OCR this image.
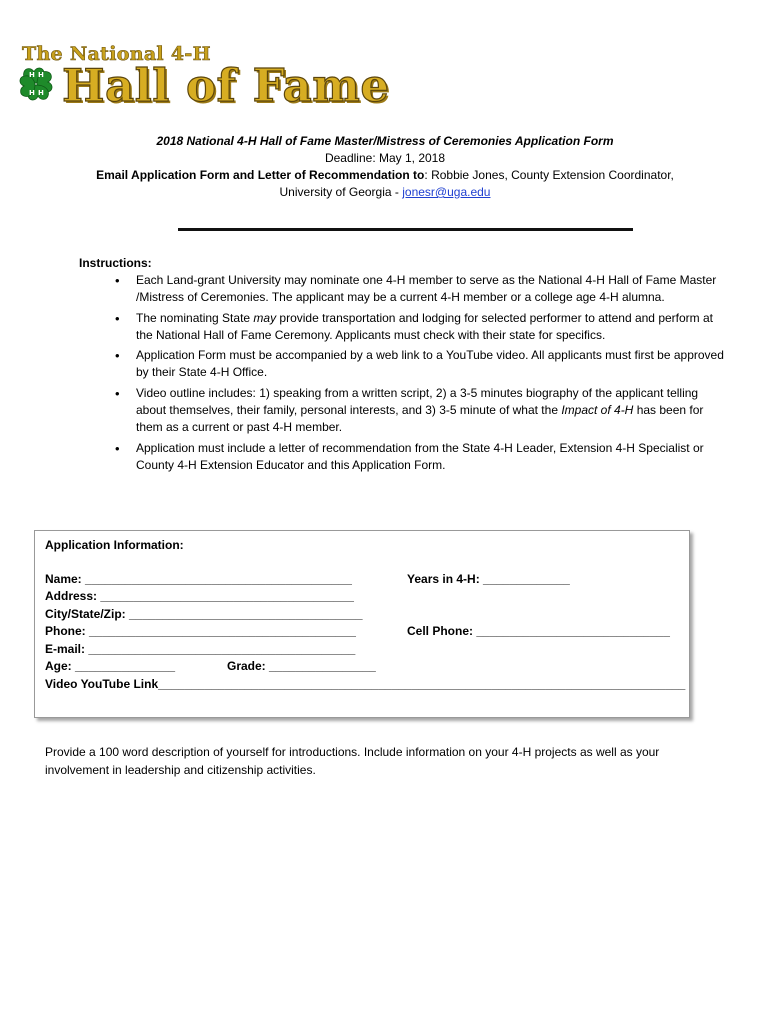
H H
H H
The National 4-H
Hall of Fame
2018 National 4-H Hall of Fame Master/Mistress of Ceremonies Application Form
Deadline: May 1, 2018
Email Application Form and Letter of Recommendation to: Robbie Jones, County Extension Coordinator,
University of Georgia - jonesr@uga.edu
Instructions:
• Each Land-grant University may nominate one 4-H member to serve as the National 4-H Hall of Fame Master /Mistress of Ceremonies. The applicant may be a current 4-H member or a college age 4-H alumna.
• The nominating State may provide transportation and lodging for selected performer to attend and perform at the National Hall of Fame Ceremony. Applicants must check with their state for specifics.
• Application Form must be accompanied by a web link to a YouTube video. All applicants must first be approved by their State 4-H Office.
• Video outline includes: 1) speaking from a written script, 2) a 3-5 minutes biography of the applicant telling about themselves, their family, personal interests, and 3) 3-5 minute of what the Impact of 4-H has been for them as a current or past 4-H member.
• Application must include a letter of recommendation from the State 4-H Leader, Extension 4-H Specialist or County 4-H Extension Educator and this Application Form.
Application Information:
Name: ________________________________________	Years in 4-H: _____________
Address: ______________________________________
City/State/Zip: ___________________________________
Phone: ________________________________________	Cell Phone: _____________________________
E-mail: ________________________________________
Age: _______________	Grade: ________________
Video YouTube Link_______________________________________________________________________________
Provide a 100 word description of yourself for introductions. Include information on your 4-H projects as well as your involvement in leadership and citizenship activities.
